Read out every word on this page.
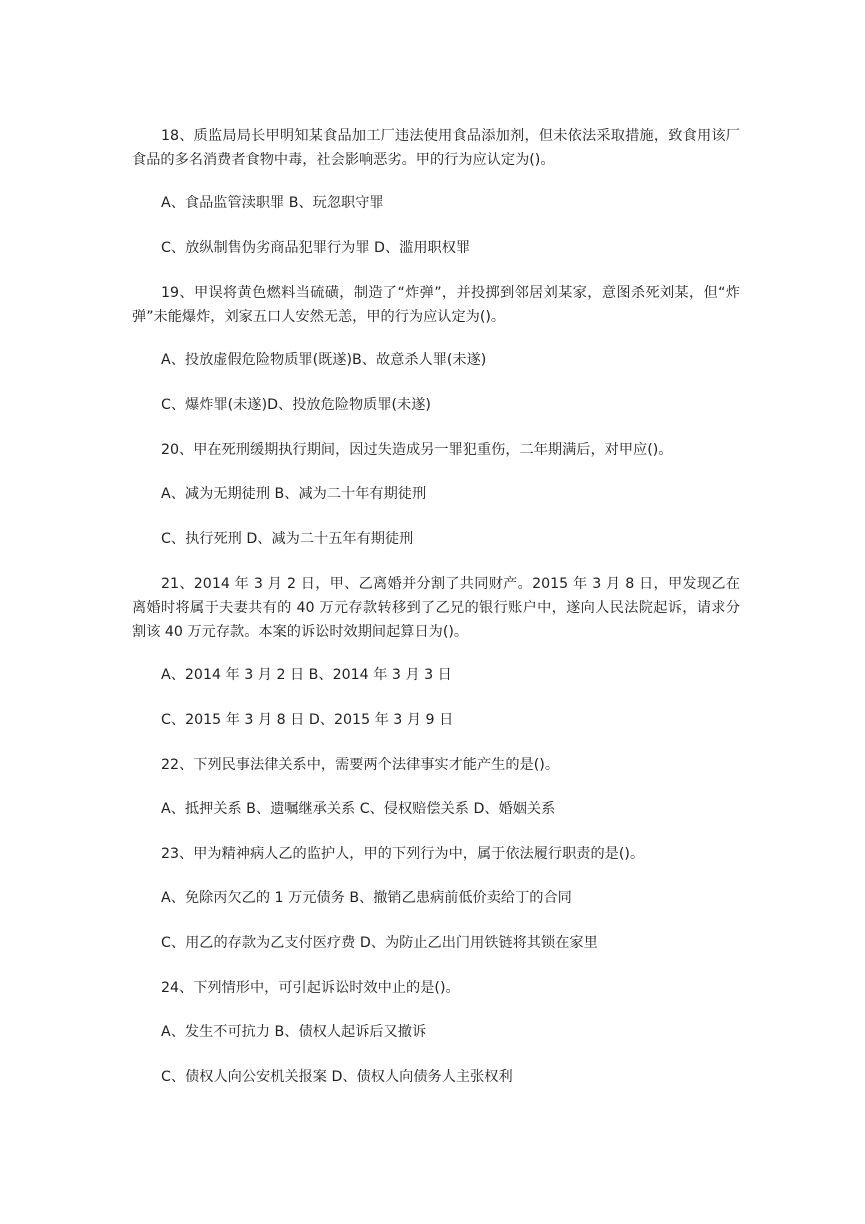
18、质监局局长甲明知某食品加工厂违法使用食品添加剂，但未依法采取措施，致食用该厂食品的多名消费者食物中毒，社会影响恶劣。甲的行为应认定为()。

A、食品监管渎职罪 B、玩忽职守罪

C、放纵制售伪劣商品犯罪行为罪 D、滥用职权罪

19、甲误将黄色燃料当硫磺，制造了“炸弹”，并投掷到邻居刘某家，意图杀死刘某，但“炸弹”未能爆炸，刘家五口人安然无恙，甲的行为应认定为()。

A、投放虚假危险物质罪(既遂)B、故意杀人罪(未遂)

C、爆炸罪(未遂)D、投放危险物质罪(未遂)

20、甲在死刑缓期执行期间，因过失造成另一罪犯重伤，二年期满后，对甲应()。

A、减为无期徒刑 B、减为二十年有期徒刑

C、执行死刑 D、减为二十五年有期徒刑

21、2014 年 3 月 2 日，甲、乙离婚并分割了共同财产。2015 年 3 月 8 日，甲发现乙在离婚时将属于夫妻共有的 40 万元存款转移到了乙兄的银行账户中，遂向人民法院起诉，请求分割该 40 万元存款。本案的诉讼时效期间起算日为()。

A、2014 年 3 月 2 日 B、2014 年 3 月 3 日

C、2015 年 3 月 8 日 D、2015 年 3 月 9 日

22、下列民事法律关系中，需要两个法律事实才能产生的是()。

A、抵押关系 B、遗嘱继承关系 C、侵权赔偿关系 D、婚姻关系

23、甲为精神病人乙的监护人，甲的下列行为中，属于依法履行职责的是()。

A、免除丙欠乙的 1 万元债务 B、撤销乙患病前低价卖给丁的合同

C、用乙的存款为乙支付医疗费 D、为防止乙出门用铁链将其锁在家里

24、下列情形中，可引起诉讼时效中止的是()。

A、发生不可抗力 B、债权人起诉后又撤诉

C、债权人向公安机关报案 D、债权人向债务人主张权利
